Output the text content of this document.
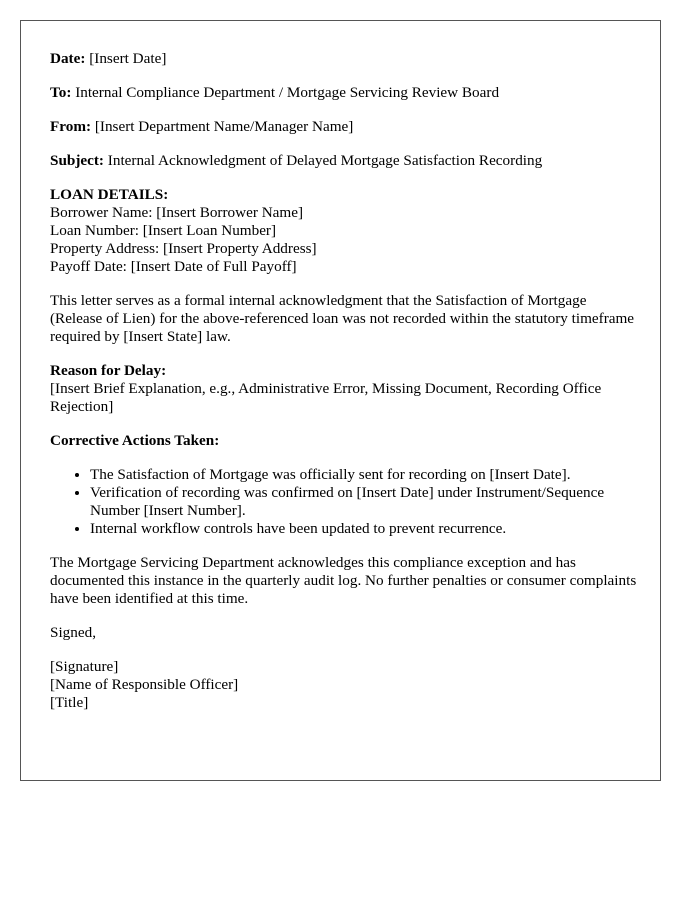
Date: [Insert Date]

To: Internal Compliance Department / Mortgage Servicing Review Board

From: [Insert Department Name/Manager Name]

Subject: Internal Acknowledgment of Delayed Mortgage Satisfaction Recording

LOAN DETAILS:
Borrower Name: [Insert Borrower Name]
Loan Number: [Insert Loan Number]
Property Address: [Insert Property Address]
Payoff Date: [Insert Date of Full Payoff]

This letter serves as a formal internal acknowledgment that the Satisfaction of Mortgage (Release of Lien) for the above-referenced loan was not recorded within the statutory timeframe required by [Insert State] law.

Reason for Delay:
[Insert Brief Explanation, e.g., Administrative Error, Missing Document, Recording Office Rejection]

Corrective Actions Taken:

• The Satisfaction of Mortgage was officially sent for recording on [Insert Date].
• Verification of recording was confirmed on [Insert Date] under Instrument/Sequence Number [Insert Number].
• Internal workflow controls have been updated to prevent recurrence.

The Mortgage Servicing Department acknowledges this compliance exception and has documented this instance in the quarterly audit log. No further penalties or consumer complaints have been identified at this time.

Signed,

[Signature]
[Name of Responsible Officer]
[Title]
